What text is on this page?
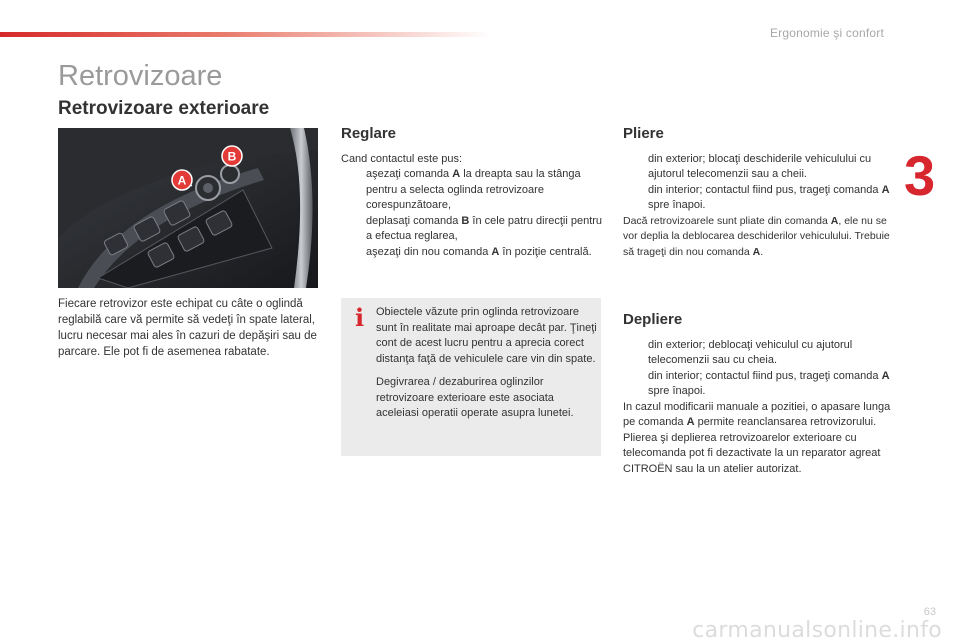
Ergonomie şi confort
3
Retrovizoare
Retrovizoare exterioare
A
B
Fiecare retrovizor este echipat cu câte o oglindă reglabilă care vă permite să vedeţi în spate lateral, lucru necesar mai ales în cazuri de depăşiri sau de parcare. Ele pot fi de asemenea rabatate.
Reglare
Cand contactul este pus:
aşezaţi comanda A la dreapta sau la stânga pentru a selecta oglinda retrovizoare corespunzătoare,
deplasaţi comanda B în cele patru direcţii pentru a efectua reglarea,
aşezaţi din nou comanda A în poziţie centrală.
i Obiectele văzute prin oglinda retrovizoare sunt în realitate mai aproape decât par. Ţineţi cont de acest lucru pentru a aprecia corect distanţa faţă de vehiculele care vin din spate.

Degivrarea / dezaburirea oglinzilor retrovizoare exterioare este asociata aceleiasi operatii operate asupra lunetei.

Pliere
din exterior; blocaţi deschiderile vehiculului cu ajutorul telecomenzii sau a cheii.
din interior; contactul fiind pus, trageţi comanda A spre înapoi.
Dacă retrovizoarele sunt pliate din comanda A, ele nu se vor deplia la deblocarea deschiderilor vehiculului. Trebuie să trageţi din nou comanda A.
Depliere
din exterior; deblocaţi vehiculul cu ajutorul telecomenzii sau cu cheia.
din interior; contactul fiind pus, trageţi comanda A spre înapoi.
In cazul modificarii manuale a pozitiei, o apasare lunga pe comanda A permite reanclansarea retrovizorului.
Plierea şi deplierea retrovizoarelor exterioare cu telecomanda pot fi dezactivate la un reparator agreat CITROËN sau la un atelier autorizat.
63
carmanualsonline.info
